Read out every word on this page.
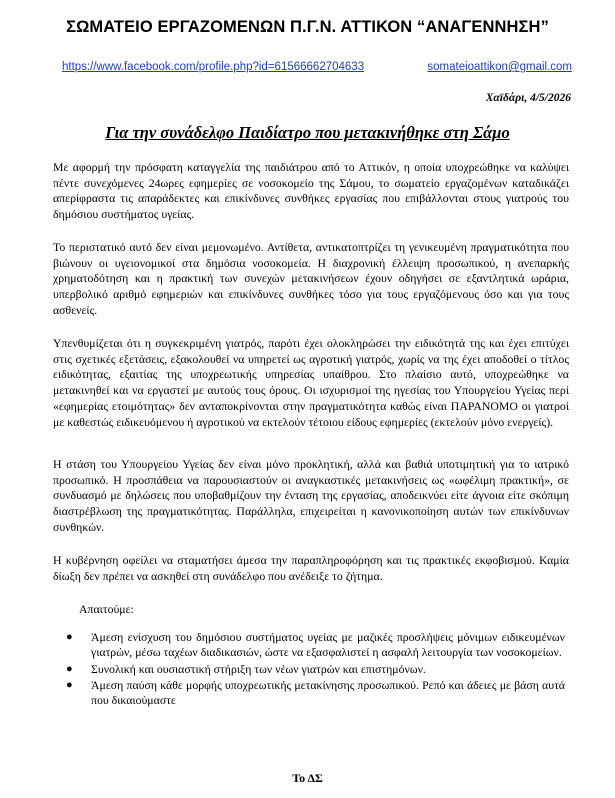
ΣΩΜΑΤΕΙΟ ΕΡΓΑΖΟΜΕΝΩΝ Π.Γ.Ν. ΑΤΤΙΚΟΝ “ΑΝΑΓΕΝΝΗΣΗ”
https://www.facebook.com/profile.php?id=61566662704633	somateioattikon@gmail.com
Χαϊδάρι, 4/5/2026
Για την συνάδελφο Παιδίατρο που μετακινήθηκε στη Σάμο

Με αφορμή την πρόσφατη καταγγελία της παιδιάτρου από το Αττικόν, η οποία υποχρεώθηκε να καλύψει πέντε συνεχόμενες 24ωρες εφημερίες σε νοσοκομείο της Σάμου, το σωματείο εργαζομένων καταδικάζει απερίφραστα τις απαράδεκτες και επικίνδυνες συνθήκες εργασίας που επιβάλλονται στους γιατρούς του δημόσιου συστήματος υγείας.

Το περιστατικό αυτό δεν είναι μεμονωμένο. Αντίθετα, αντικατοπτρίζει τη γενικευμένη πραγματικότητα που βιώνουν οι υγειονομικοί στα δημόσια νοσοκομεία. Η διαχρονική έλλειψη προσωπικού, η ανεπαρκής χρηματοδότηση και η πρακτική των συνεχών μετακινήσεων έχουν οδηγήσει σε εξαντλητικά ωράρια, υπερβολικό αριθμό εφημεριών και επικίνδυνες συνθήκες τόσο για τους εργαζόμενους όσο και για τους ασθενείς.

Υπενθυμίζεται ότι η συγκεκριμένη γιατρός, παρότι έχει ολοκληρώσει την ειδικότητά της και έχει επιτύχει στις σχετικές εξετάσεις, εξακολουθεί να υπηρετεί ως αγροτική γιατρός, χωρίς να της έχει αποδοθεί ο τίτλος ειδικότητας, εξαιτίας της υποχρεωτικής υπηρεσίας υπαίθρου. Στο πλαίσιο αυτό, υποχρεώθηκε να μετακινηθεί και να εργαστεί με αυτούς τους όρους. Οι ισχυρισμοί της ηγεσίας του Υπουργείου Υγείας περί «εφημερίας ετοιμότητας» δεν ανταποκρίνονται στην πραγματικότητα καθώς είναι ΠΑΡΑΝΟΜΟ οι γιατροί με καθεστώς ειδικευόμενου ή αγροτικού να εκτελούν τέτοιου είδους εφημερίες (εκτελούν μόνο ενεργείς).

Η στάση του Υπουργείου Υγείας δεν είναι μόνο προκλητική, αλλά και βαθιά υποτιμητική για το ιατρικό προσωπικό. Η προσπάθεια να παρουσιαστούν οι αναγκαστικές μετακινήσεις ως «ωφέλιμη πρακτική», σε συνδυασμό με δηλώσεις που υποβαθμίζουν την ένταση της εργασίας, αποδεικνύει είτε άγνοια είτε σκόπιμη διαστρέβλωση της πραγματικότητας. Παράλληλα, επιχειρείται η κανονικοποίηση αυτών των επικίνδυνων συνθηκών.

Η κυβέρνηση οφείλει να σταματήσει άμεσα την παραπληροφόρηση και τις πρακτικές εκφοβισμού. Καμία δίωξη δεν πρέπει να ασκηθεί στη συνάδελφο που ανέδειξε το ζήτημα.

Απαιτούμε:
● Άμεση ενίσχυση του δημόσιου συστήματος υγείας με μαζικές προσλήψεις μόνιμων ειδικευμένων γιατρών, μέσω ταχέων διαδικασιών, ώστε να εξασφαλιστεί η ασφαλή λειτουργία των νοσοκομείων.
● Συνολική και ουσιαστική στήριξη των νέων γιατρών και επιστημόνων.
● Άμεση παύση κάθε μορφής υποχρεωτικής μετακίνησης προσωπικού. Ρεπό και άδειες με βάση αυτά που δικαιούμαστε
Το ΔΣ
